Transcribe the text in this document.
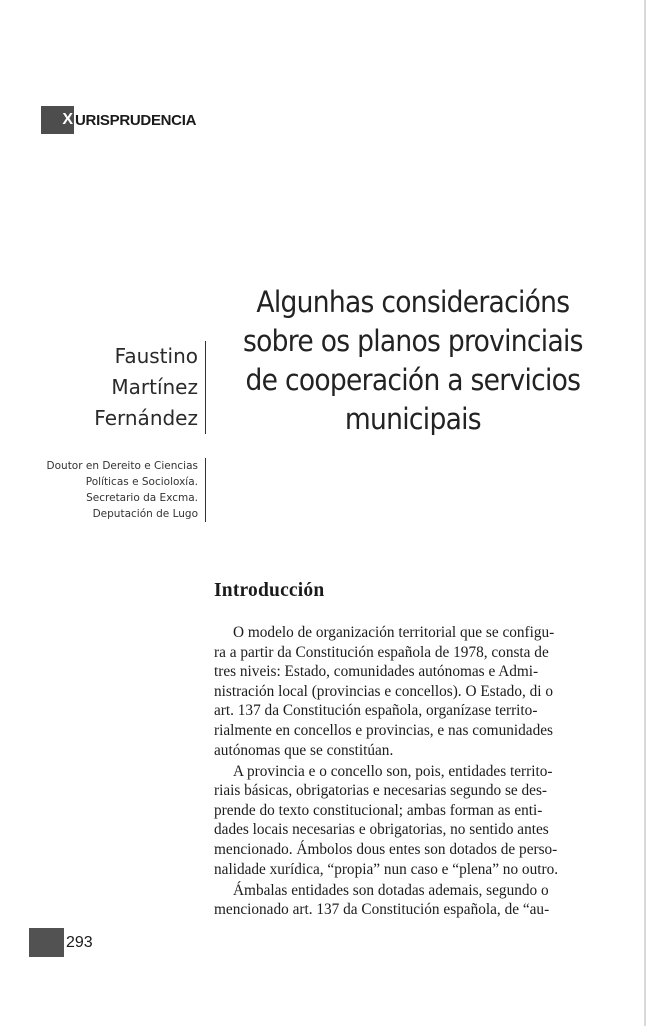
X URISPRUDENCIA
Algunhas consideracións
sobre os planos provinciais
de cooperación a servicios
municipais
Faustino
Martínez
Fernández
Doutor en Dereito e Ciencias
Políticas e Socioloxía.
Secretario da Excma.
Deputación de Lugo
Introducción

O modelo de organización territorial que se configu-
ra a partir da Constitución española de 1978, consta de
tres niveis: Estado, comunidades autónomas e Admi-
nistración local (provincias e concellos). O Estado, di o
art. 137 da Constitución española, organízase territo-
rialmente en concellos e provincias, e nas comunidades
autónomas que se constitúan.

A provincia e o concello son, pois, entidades territo-
riais básicas, obrigatorias e necesarias segundo se des-
prende do texto constitucional; ambas forman as enti-
dades locais necesarias e obrigatorias, no sentido antes
mencionado. Ámbolos dous entes son dotados de perso-
nalidade xurídica, “propia” nun caso e “plena” no outro.

Ámbalas entidades son dotadas ademais, segundo o
mencionado art. 137 da Constitución española, de “au-

293
